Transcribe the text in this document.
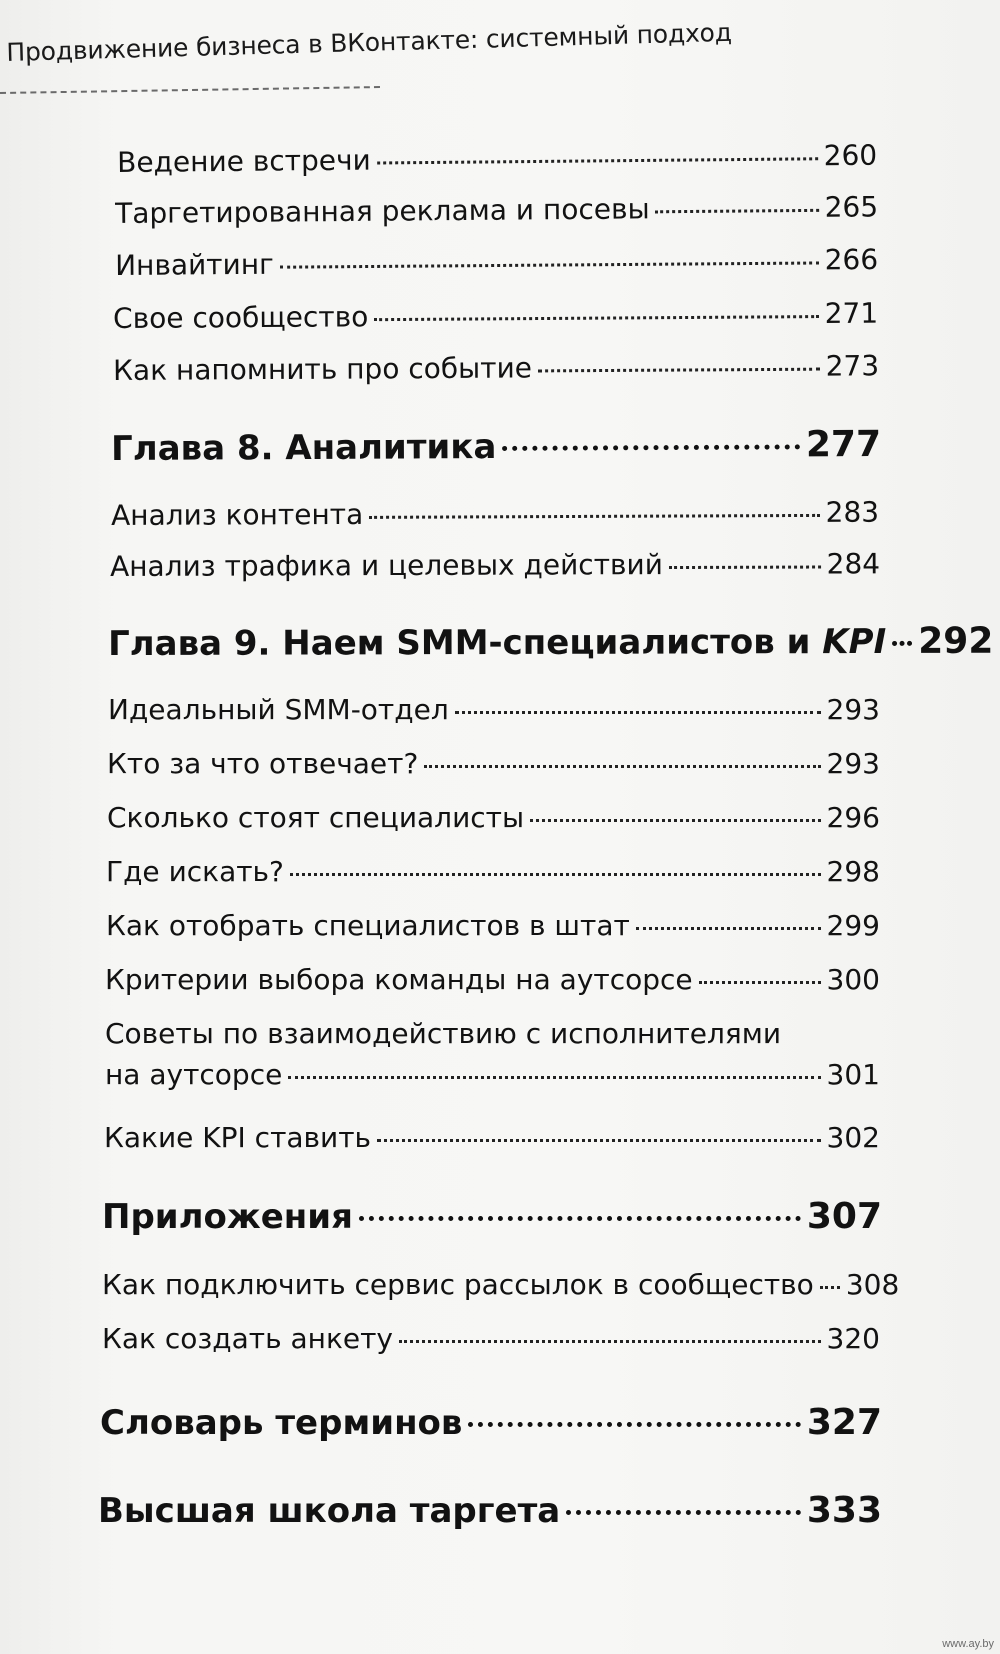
Продвижение бизнеса в ВКонтакте: системный подход
Ведение встречи	260
Таргетированная реклама и посевы	265
Инвайтинг	266
Свое сообщество	271
Как напомнить про событие	273
Глава 8. Аналитика	277
Анализ контента	283
Анализ трафика и целевых действий	284
Глава 9. Наем SMM-специалистов и KPI 292
Идеальный SMM-отдел	293
Кто за что отвечает?	293
Сколько стоят специалисты	296
Где искать?	298
Как отобрать специалистов в штат	299
Критерии выбора команды на аутсорсе	300
Советы по взаимодействию с исполнителями
на аутсорсе	301
Какие KPI ставить	302
Приложения	307
Как подключить сервис рассылок в сообщество 308
Как создать анкету	320
Словарь терминов	327
Высшая школа таргета	333
www.ay.by
